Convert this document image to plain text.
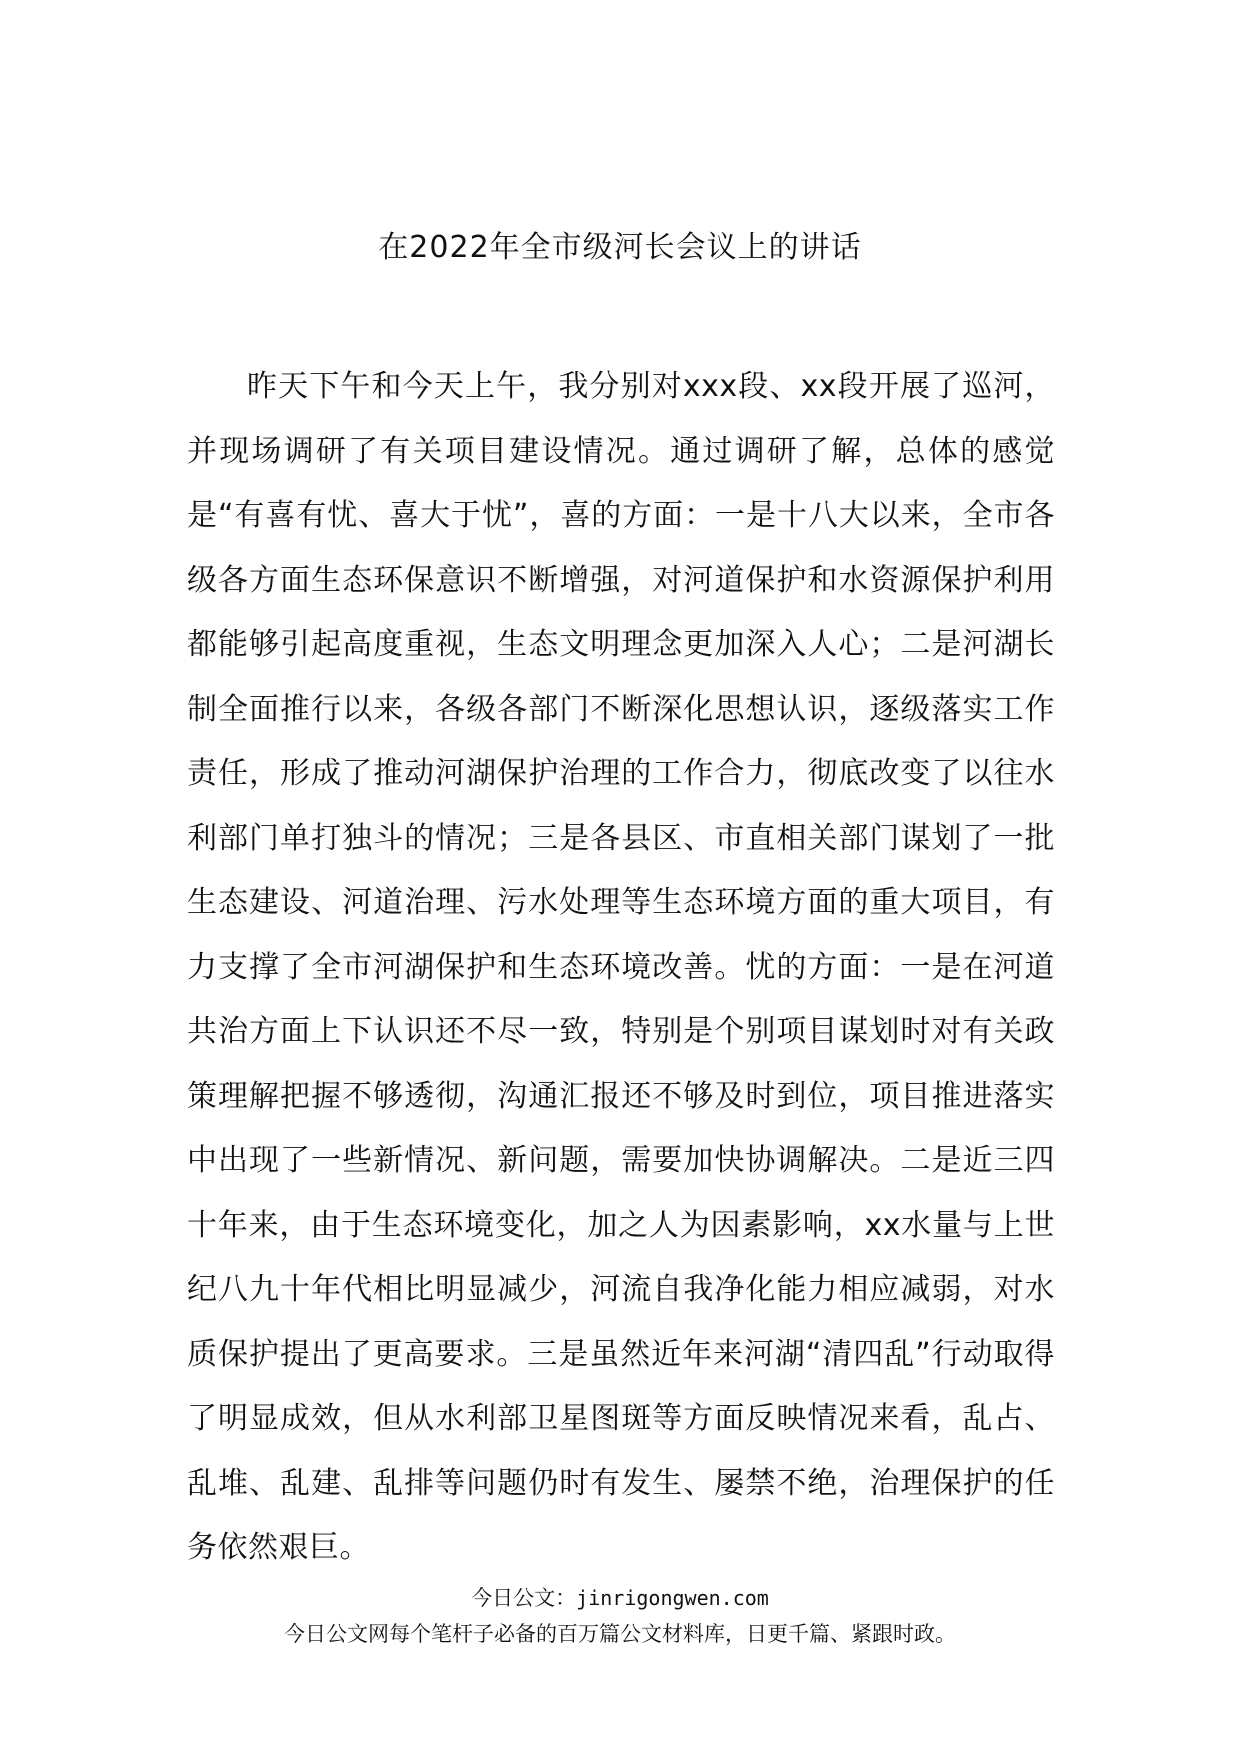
在2022年全市级河长会议上的讲话

昨天下午和今天上午，我分别对xxx段、xx段开展了巡河，并现场调研了有关项目建设情况。通过调研了解，总体的感觉是“有喜有忧、喜大于忧”，喜的方面：一是十八大以来，全市各级各方面生态环保意识不断增强，对河道保护和水资源保护利用都能够引起高度重视，生态文明理念更加深入人心；二是河湖长制全面推行以来，各级各部门不断深化思想认识，逐级落实工作责任，形成了推动河湖保护治理的工作合力，彻底改变了以往水利部门单打独斗的情况；三是各县区、市直相关部门谋划了一批生态建设、河道治理、污水处理等生态环境方面的重大项目，有力支撑了全市河湖保护和生态环境改善。忧的方面：一是在河道共治方面上下认识还不尽一致，特别是个别项目谋划时对有关政策理解把握不够透彻，沟通汇报还不够及时到位，项目推进落实中出现了一些新情况、新问题，需要加快协调解决。二是近三四十年来，由于生态环境变化，加之人为因素影响，xx水量与上世纪八九十年代相比明显减少，河流自我净化能力相应减弱，对水质保护提出了更高要求。三是虽然近年来河湖“清四乱”行动取得了明显成效，但从水利部卫星图斑等方面反映情况来看，乱占、乱堆、乱建、乱排等问题仍时有发生、屡禁不绝，治理保护的任务依然艰巨。

今日公文：jinrigongwen.com
今日公文网每个笔杆子必备的百万篇公文材料库，日更千篇、紧跟时政。
